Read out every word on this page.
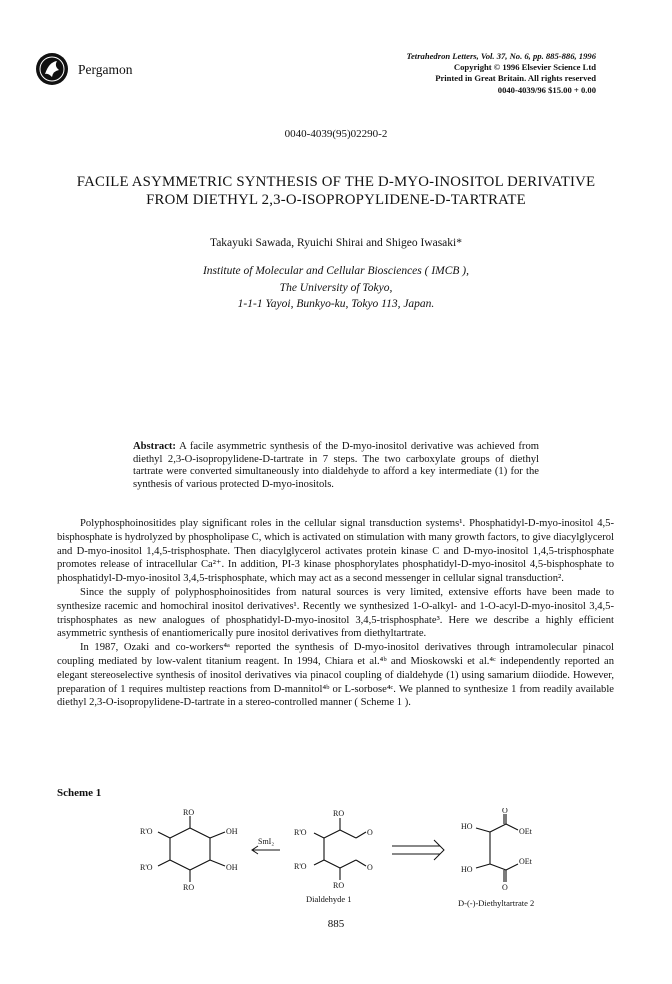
Pergamon
Tetrahedron Letters, Vol. 37, No. 6, pp. 885-886, 1996
Copyright © 1996 Elsevier Science Ltd
Printed in Great Britain. All rights reserved
0040-4039/96 $15.00 + 0.00
0040-4039(95)02290-2
FACILE ASYMMETRIC SYNTHESIS OF THE D-MYO-INOSITOL DERIVATIVE
FROM DIETHYL 2,3-O-ISOPROPYLIDENE-D-TARTRATE
Takayuki Sawada, Ryuichi Shirai and Shigeo Iwasaki*
Institute of Molecular and Cellular Biosciences ( IMCB ),
The University of Tokyo,
1-1-1 Yayoi, Bunkyo-ku, Tokyo 113, Japan.
Abstract: A facile asymmetric synthesis of the D-myo-inositol derivative was achieved from diethyl 2,3-O-isopropylidene-D-tartrate in 7 steps. The two carboxylate groups of diethyl tartrate were converted simultaneously into dialdehyde to afford a key intermediate (1) for the synthesis of various protected D-myo-inositols.

Polyphosphoinositides play significant roles in the cellular signal transduction systems¹. Phosphatidyl-D-myo-inositol 4,5-bisphosphate is hydrolyzed by phospholipase C, which is activated on stimulation with many growth factors, to give diacylglycerol and D-myo-inositol 1,4,5-trisphosphate. Then diacylglycerol activates protein kinase C and D-myo-inositol 1,4,5-trisphosphate promotes release of intracellular Ca²⁺. In addition, PI-3 kinase phosphorylates phosphatidyl-D-myo-inositol 4,5-bisphosphate to phosphatidyl-D-myo-inositol 3,4,5-trisphosphate, which may act as a second messenger in cellular signal transduction².

Since the supply of polyphosphoinositides from natural sources is very limited, extensive efforts have been made to synthesize racemic and homochiral inositol derivatives¹. Recently we synthesized 1-O-alkyl- and 1-O-acyl-D-myo-inositol 3,4,5-trisphosphates as new analogues of phosphatidyl-D-myo-inositol 3,4,5-trisphosphate³. Here we describe a highly efficient asymmetric synthesis of enantiomerically pure inositol derivatives from diethyltartrate.

In 1987, Ozaki and co-workers⁴ᵃ reported the synthesis of D-myo-inositol derivatives through intramolecular pinacol coupling mediated by low-valent titanium reagent. In 1994, Chiara et al.⁴ᵇ and Mioskowski et al.⁴ᶜ independently reported an elegant stereoselective synthesis of inositol derivatives via pinacol coupling of dialdehyde (1) using samarium diiodide. However, preparation of 1 requires multistep reactions from D-mannitol⁴ᵇ or L-sorbose⁴ᶜ. We planned to synthesize 1 from readily available diethyl 2,3-O-isopropylidene-D-tartrate in a stereo-controlled manner ( Scheme 1 ).

Scheme 1
RO
RO
OH
OH
R'O
R'O
SmI₂
RO
RO
R'O
R'O
O
O
Dialdehyde 1
O
O
OEt
OEt
HO
HO
D-(-)-Diethyltartrate 2
885
